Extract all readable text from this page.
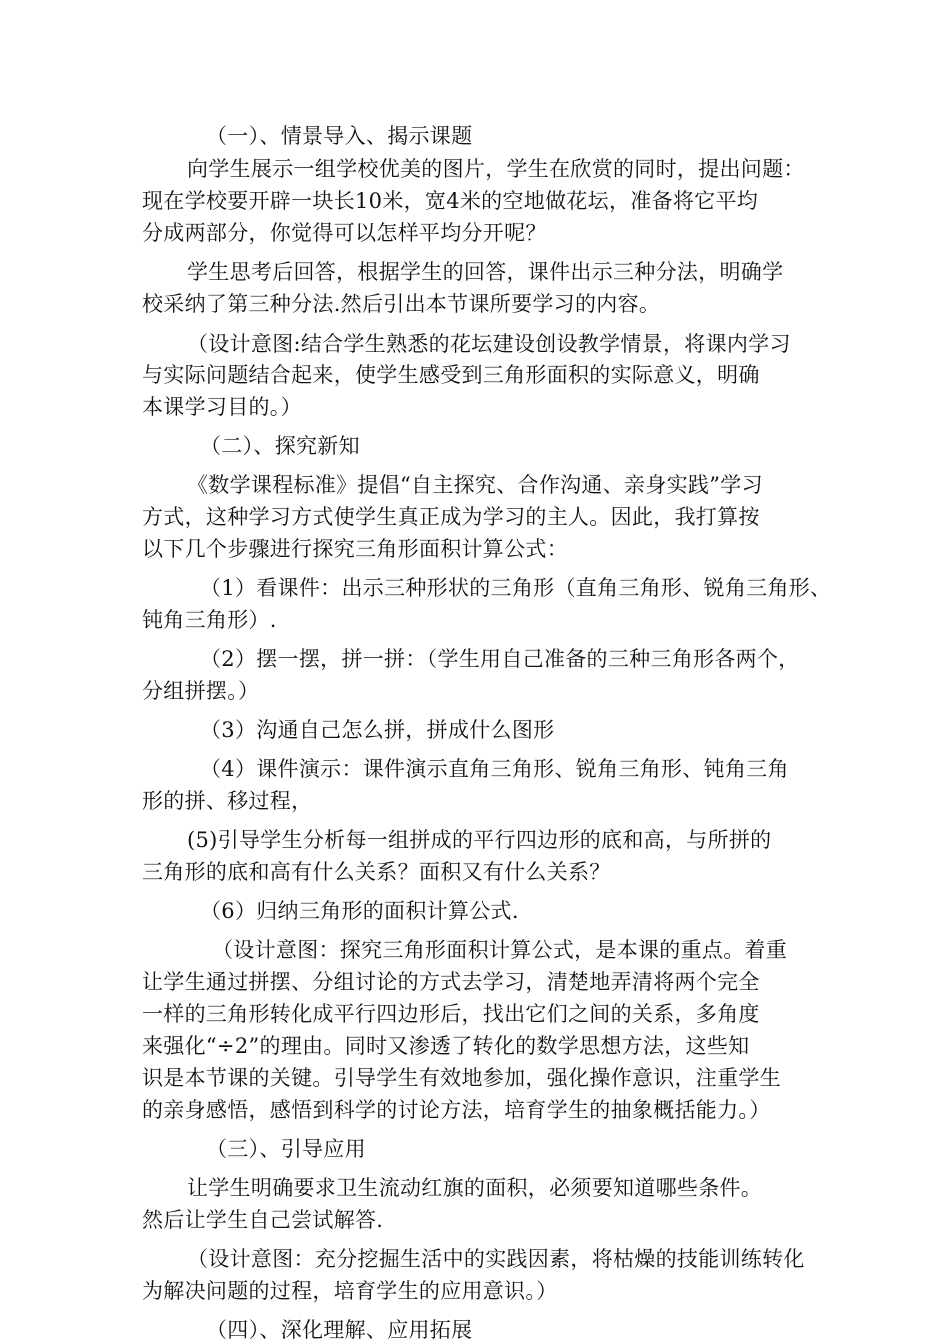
（一）、情景导入、揭示课题
向学生展示一组学校优美的图片，学生在欣赏的同时，提出问题：
现在学校要开辟一块长10米，宽4米的空地做花坛，准备将它平均
分成两部分，你觉得可以怎样平均分开呢？
学生思考后回答，根据学生的回答，课件出示三种分法，明确学
校采纳了第三种分法.然后引出本节课所要学习的内容。
（设计意图:结合学生熟悉的花坛建设创设教学情景，将课内学习
与实际问题结合起来，使学生感受到三角形面积的实际意义，明确
本课学习目的。）
（二）、探究新知
《数学课程标准》提倡“自主探究、合作沟通、亲身实践”学习
方式，这种学习方式使学生真正成为学习的主人。因此，我打算按
以下几个步骤进行探究三角形面积计算公式：
（1）看课件：出示三种形状的三角形（直角三角形、锐角三角形、
钝角三角形）.
（2）摆一摆，拼一拼：（学生用自己准备的三种三角形各两个，
分组拼摆。）
（3）沟通自己怎么拼，拼成什么图形
（4）课件演示：课件演示直角三角形、锐角三角形、钝角三角
形的拼、移过程，
(5)引导学生分析每一组拼成的平行四边形的底和高，与所拼的
三角形的底和高有什么关系？面积又有什么关系？
（6）归纳三角形的面积计算公式.
（设计意图：探究三角形面积计算公式，是本课的重点。着重
让学生通过拼摆、分组讨论的方式去学习，清楚地弄清将两个完全
一样的三角形转化成平行四边形后，找出它们之间的关系，多角度
来强化“÷2”的理由。同时又渗透了转化的数学思想方法，这些知
识是本节课的关键。引导学生有效地参加，强化操作意识，注重学生
的亲身感悟，感悟到科学的讨论方法，培育学生的抽象概括能力。）
（三）、引导应用
让学生明确要求卫生流动红旗的面积，必须要知道哪些条件。
然后让学生自己尝试解答.
（设计意图：充分挖掘生活中的实践因素，将枯燥的技能训练转化
为解决问题的过程，培育学生的应用意识。）
（四）、深化理解、应用拓展
